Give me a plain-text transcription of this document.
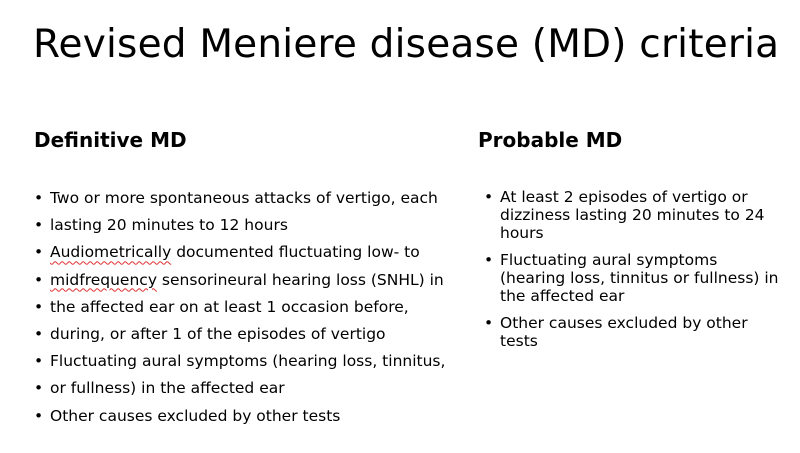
Revised Meniere disease (MD) criteria
Definitive MD	Probable MD
• Two or more spontaneous attacks of vertigo, each
• lasting 20 minutes to 12 hours
• Audiometrically documented fluctuating low- to
• midfrequency sensorineural hearing loss (SNHL) in
• the affected ear on at least 1 occasion before,
• during, or after 1 of the episodes of vertigo
• Fluctuating aural symptoms (hearing loss, tinnitus,
• or fullness) in the affected ear
• Other causes excluded by other tests
• At least 2 episodes of vertigo or dizziness lasting 20 minutes to 24 hours
• Fluctuating aural symptoms (hearing loss, tinnitus or fullness) in the affected ear
• Other causes excluded by other tests
